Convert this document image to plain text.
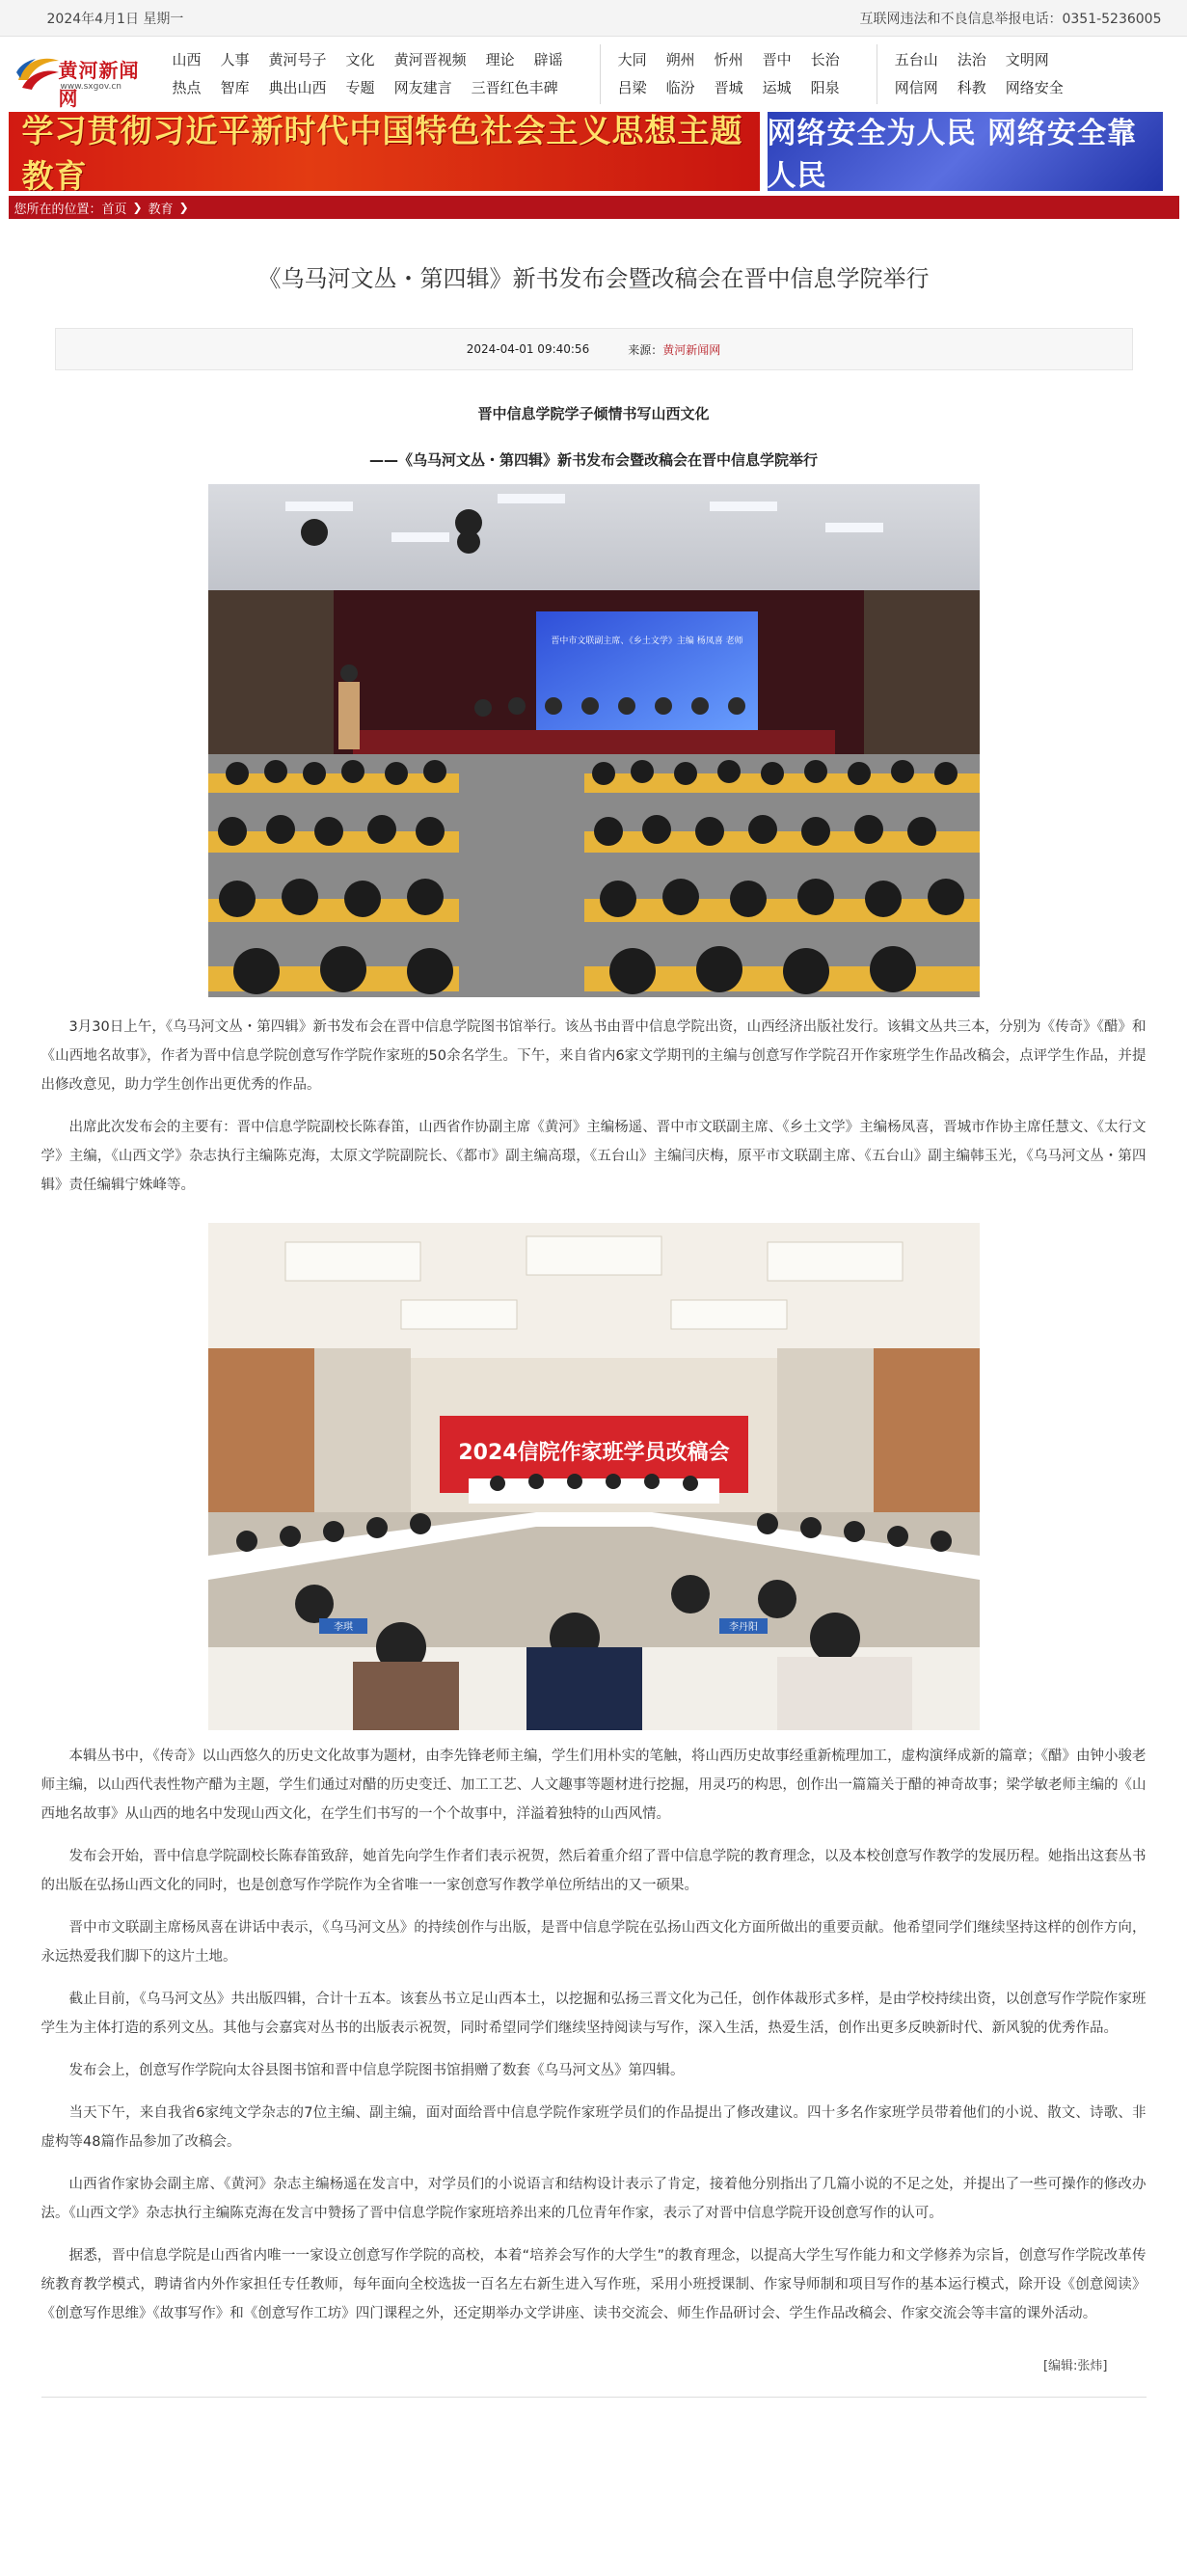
2024年4月1日 星期一	互联网违法和不良信息举报电话：0351-5236005
黄河新闻网
www.sxgov.cn
山西 人事 黄河号子 文化 黄河晋视频 理论 辟谣
热点 智库 典出山西 专题 网友建言 三晋红色丰碑
大同 朔州 忻州 晋中 长治
吕梁 临汾 晋城 运城 阳泉
五台山 法治 文明网
网信网 科教 网络安全
学习贯彻习近平新时代中国特色社会主义思想主题教育
网络安全为人民 网络安全靠人民
您所在的位置： 首页 ❯ 教育 ❯
《乌马河文丛・第四辑》新书发布会暨改稿会在晋中信息学院举行
2024-04-01 09:40:56	来源：黄河新闻网

晋中信息学院学子倾情书写山西文化

——《乌马河文丛・第四辑》新书发布会暨改稿会在晋中信息学院举行

晋中市文联副主席、《乡土文学》主编 杨凤喜 老师

3月30日上午，《乌马河文丛・第四辑》新书发布会在晋中信息学院图书馆举行。该丛书由晋中信息学院出资，山西经济出版社发行。该辑文丛共三本，分别为《传奇》《醋》和《山西地名故事》，作者为晋中信息学院创意写作学院作家班的50余名学生。下午，来自省内6家文学期刊的主编与创意写作学院召开作家班学生作品改稿会，点评学生作品，并提出修改意见，助力学生创作出更优秀的作品。

出席此次发布会的主要有：晋中信息学院副校长陈春笛，山西省作协副主席《黄河》主编杨遥、晋中市文联副主席、《乡土文学》主编杨凤喜，晋城市作协主席任慧文、《太行文学》主编，《山西文学》杂志执行主编陈克海，太原文学院副院长、《都市》副主编高璟，《五台山》主编闫庆梅，原平市文联副主席、《五台山》副主编韩玉光，《乌马河文丛・第四辑》责任编辑宁姝峰等。

2024信院作家班学员改稿会
李琪	李丹阳

本辑丛书中，《传奇》以山西悠久的历史文化故事为题材，由李先锋老师主编，学生们用朴实的笔触，将山西历史故事经重新梳理加工，虚构演绎成新的篇章；《醋》由钟小骏老师主编，以山西代表性物产醋为主题，学生们通过对醋的历史变迁、加工工艺、人文趣事等题材进行挖掘，用灵巧的构思，创作出一篇篇关于醋的神奇故事；梁学敏老师主编的《山西地名故事》从山西的地名中发现山西文化，在学生们书写的一个个故事中，洋溢着独特的山西风情。

发布会开始，晋中信息学院副校长陈春笛致辞，她首先向学生作者们表示祝贺，然后着重介绍了晋中信息学院的教育理念，以及本校创意写作教学的发展历程。她指出这套丛书的出版在弘扬山西文化的同时，也是创意写作学院作为全省唯一一家创意写作教学单位所结出的又一硕果。

晋中市文联副主席杨凤喜在讲话中表示，《乌马河文丛》的持续创作与出版，是晋中信息学院在弘扬山西文化方面所做出的重要贡献。他希望同学们继续坚持这样的创作方向，永远热爱我们脚下的这片土地。

截止目前，《乌马河文丛》共出版四辑，合计十五本。该套丛书立足山西本土，以挖掘和弘扬三晋文化为己任，创作体裁形式多样，是由学校持续出资，以创意写作学院作家班学生为主体打造的系列文丛。其他与会嘉宾对丛书的出版表示祝贺，同时希望同学们继续坚持阅读与写作，深入生活，热爱生活，创作出更多反映新时代、新风貌的优秀作品。

发布会上，创意写作学院向太谷县图书馆和晋中信息学院图书馆捐赠了数套《乌马河文丛》第四辑。

当天下午，来自我省6家纯文学杂志的7位主编、副主编，面对面给晋中信息学院作家班学员们的作品提出了修改建议。四十多名作家班学员带着他们的小说、散文、诗歌、非虚构等48篇作品参加了改稿会。

山西省作家协会副主席、《黄河》杂志主编杨遥在发言中，对学员们的小说语言和结构设计表示了肯定，接着他分别指出了几篇小说的不足之处，并提出了一些可操作的修改办法。《山西文学》杂志执行主编陈克海在发言中赞扬了晋中信息学院作家班培养出来的几位青年作家，表示了对晋中信息学院开设创意写作的认可。

据悉，晋中信息学院是山西省内唯一一家设立创意写作学院的高校，本着“培养会写作的大学生”的教育理念，以提高大学生写作能力和文学修养为宗旨，创意写作学院改革传统教育教学模式，聘请省内外作家担任专任教师，每年面向全校选拔一百名左右新生进入写作班，采用小班授课制、作家导师制和项目写作的基本运行模式，除开设《创意阅读》《创意写作思维》《故事写作》和《创意写作工坊》四门课程之外，还定期举办文学讲座、读书交流会、师生作品研讨会、学生作品改稿会、作家交流会等丰富的课外活动。

[编辑:张炜]
